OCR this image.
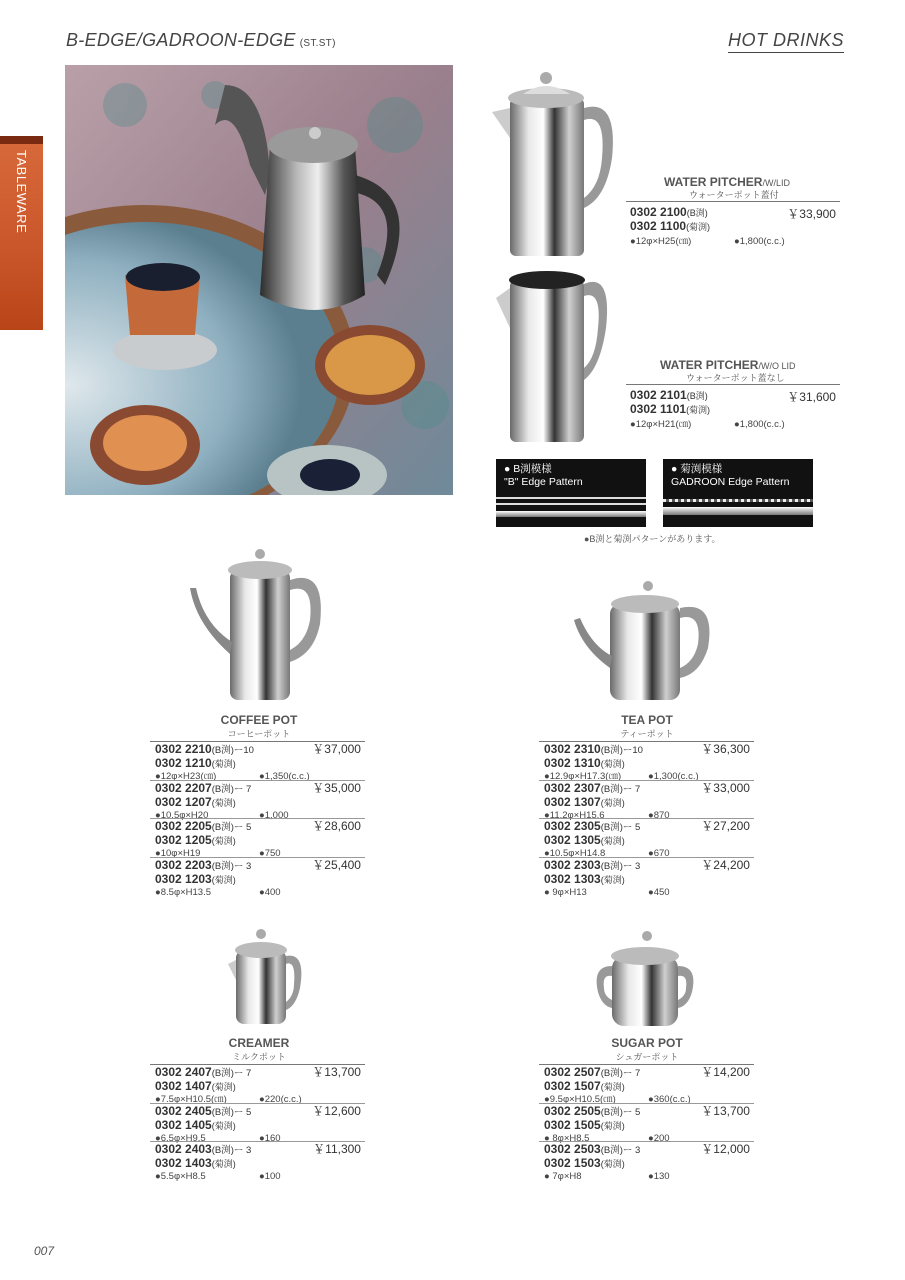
B-EDGE/GADROON-EDGE (ST.ST)	HOT DRINKS
TABLEWARE	WATER PITCHER/W/LID
ウォーターポット蓋付
0302 2100(B渕)	￥33,900
0302 1100(菊渕)
●12φ×H25(㎝)	●1,800(c.c.)
WATER PITCHER/W/O LID
ウォーターポット蓋なし
0302 2101(B渕)	￥31,600
0302 1101(菊渕)
●12φ×H21(㎝)	●1,800(c.c.)
● B渕模様
"B" Edge Pattern
● 菊渕模様
GADROON Edge Pattern
●B渕と菊渕パターンがあります。
COFFEE POT
コーヒーポット
TEA POT
ティーポット
CREAMER
ミルクポット
SUGAR POT
シュガーポット
0302 2210(B渕)ー10	￥37,000
0302 1210(菊渕)
●12φ×H23(㎝)	●1,350(c.c.)
0302 2207(B渕)ー 7	￥35,000
0302 1207(菊渕)
●10.5φ×H20	●1,000
0302 2205(B渕)ー 5	￥28,600
0302 1205(菊渕)
●10φ×H19	●750
0302 2203(B渕)ー 3	￥25,400
0302 1203(菊渕)
●8.5φ×H13.5	●400
0302 2310(B渕)ー10	￥36,300
0302 1310(菊渕)
●12.9φ×H17.3(㎝)	●1,300(c.c.)
0302 2307(B渕)ー 7	￥33,000
0302 1307(菊渕)
●11.2φ×H15.6	●870
0302 2305(B渕)ー 5	￥27,200
0302 1305(菊渕)
●10.5φ×H14.8	●670
0302 2303(B渕)ー 3	￥24,200
0302 1303(菊渕)
● 9φ×H13	●450
0302 2407(B渕)ー 7	￥13,700
0302 1407(菊渕)
●7.5φ×H10.5(㎝)	●220(c.c.)
0302 2405(B渕)ー 5	￥12,600
0302 1405(菊渕)
●6.5φ×H9.5	●160
0302 2403(B渕)ー 3	￥11,300
0302 1403(菊渕)
●5.5φ×H8.5	●100
0302 2507(B渕)ー 7	￥14,200
0302 1507(菊渕)
●9.5φ×H10.5(㎝)	●360(c.c.)
0302 2505(B渕)ー 5	￥13,700
0302 1505(菊渕)
● 8φ×H8.5	●200
0302 2503(B渕)ー 3	￥12,000
0302 1503(菊渕)
● 7φ×H8	●130
007
